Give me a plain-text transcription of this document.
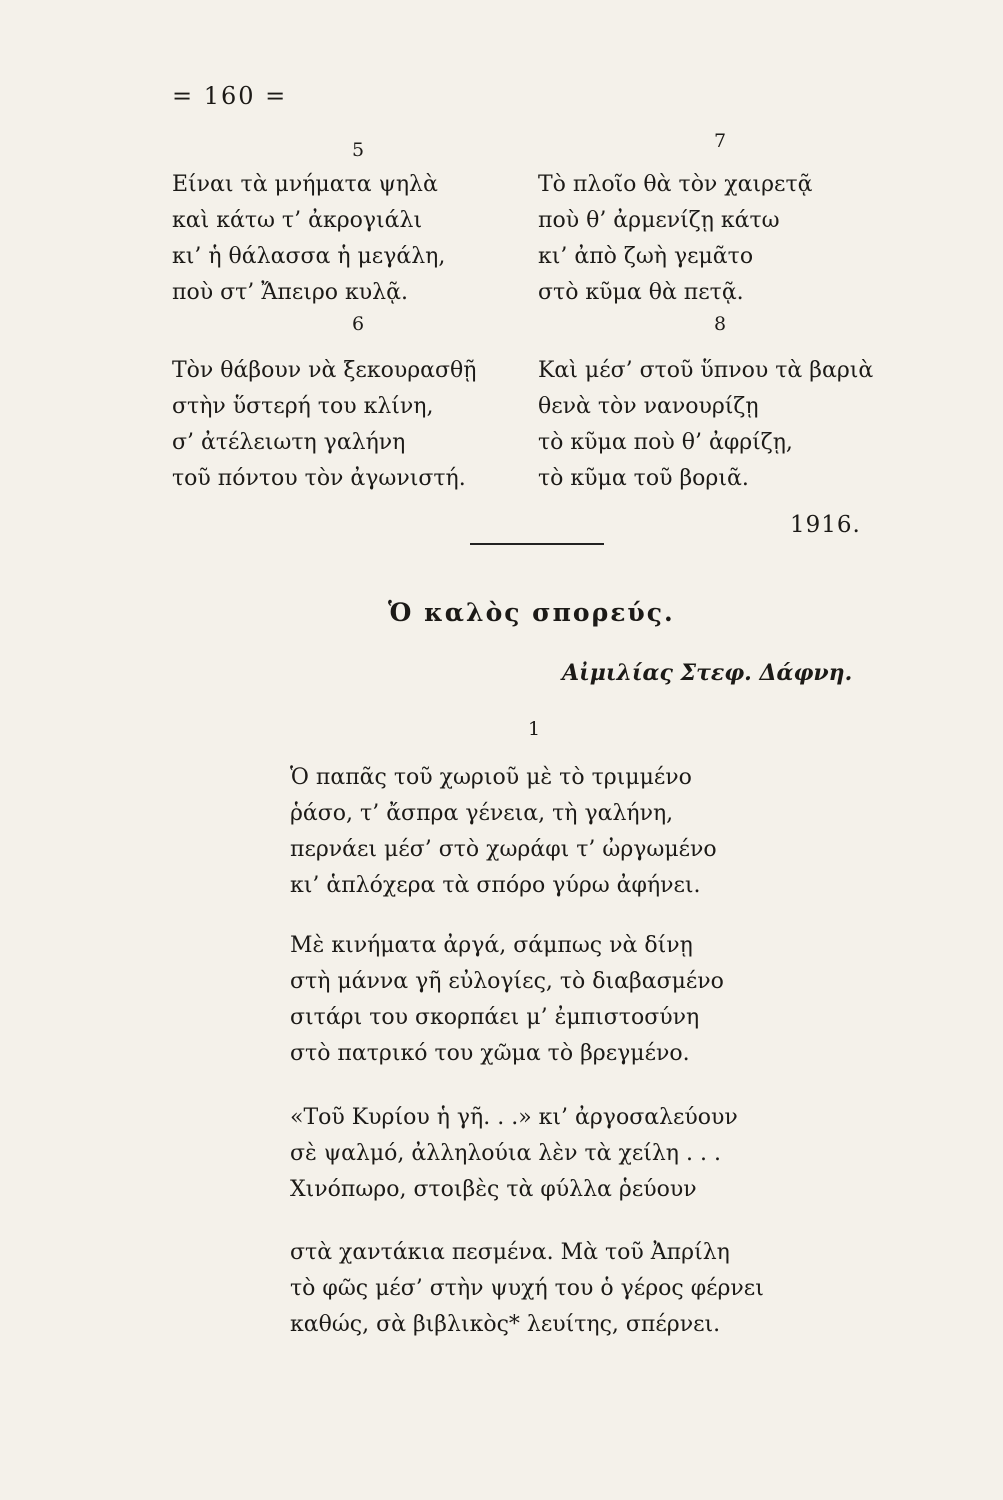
= 160 =
5
Είναι τὰ μνήματα ψηλὰ
καὶ κάτω τ’ ἀκρογιάλι
κι’ ἡ θάλασσα ἡ μεγάλη,
ποὺ στ’ Ἄπειρο κυλᾷ.
6
Τὸν θάβουν νὰ ξεκουρασθῇ
στὴν ὕστερή του κλίνη,
σ’ ἀτέλειωτη γαλήνη
τοῦ πόντου τὸν ἀγωνιστή.
7
Τὸ πλοῖο θὰ τὸν χαιρετᾷ
ποὺ θ’ ἀρμενίζῃ κάτω
κι’ ἀπὸ ζωὴ γεμᾶτο
στὸ κῦμα θὰ πετᾷ.
8
Καὶ μέσ’ στοῦ ὕπνου τὰ βαριὰ
θενὰ τὸν νανουρίζῃ
τὸ κῦμα ποὺ θ’ ἀφρίζῃ,
τὸ κῦμα τοῦ βοριᾶ.
1916.
Ὁ καλὸς σπορεύς.
Αἰμιλίας Στεφ. Δάφνη.
1
Ὁ παπᾶς τοῦ χωριοῦ μὲ τὸ τριμμένο
ῥάσο, τ’ ἄσπρα γένεια, τὴ γαλήνη,
περνάει μέσ’ στὸ χωράφι τ’ ὠργωμένο
κι’ ἁπλόχερα τὰ σπόρο γύρω ἀφήνει.
Μὲ κινήματα ἀργά, σάμπως νὰ δίνῃ
στὴ μάννα γῆ εὐλογίες, τὸ διαβασμένο
σιτάρι του σκορπάει μ’ ἐμπιστοσύνη
στὸ πατρικό του χῶμα τὸ βρεγμένο.
«Τοῦ Κυρίου ἡ γῆ. . .» κι’ ἀργοσαλεύουν
σὲ ψαλμό, ἀλληλούια λὲν τὰ χείλη . . .
Χινόπωρο, στοιβὲς τὰ φύλλα ῥεύουν
στὰ χαντάκια πεσμένα. Μὰ τοῦ Ἀπρίλη
τὸ φῶς μέσ’ στὴν ψυχή του ὁ γέρος φέρνει
καθώς, σὰ βιβλικὸς* λευίτης, σπέρνει.
